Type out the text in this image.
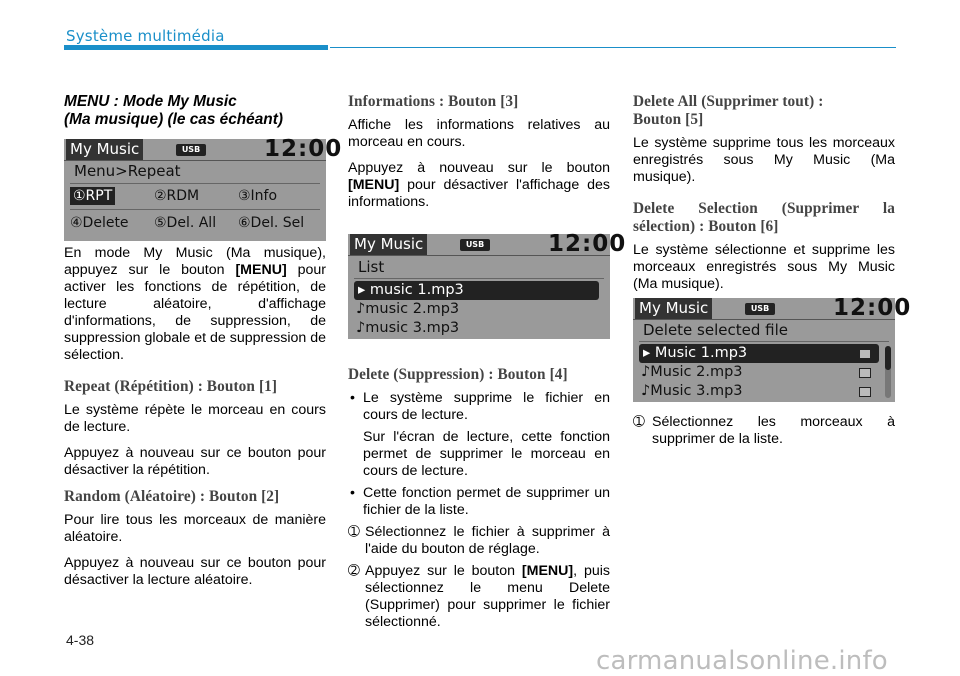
Système multimédia
MENU : Mode My Music
(Ma musique) (le cas échéant)

En mode My Music (Ma musique), appuyez sur le bouton [MENU] pour activer les fonctions de répétition, de lecture aléatoire, d'affichage d'informations, de suppression, de suppression globale et de suppression de sélection.

Repeat (Répétition) : Bouton [1]

Le système répète le morceau en cours de lecture.

Appuyez à nouveau sur ce bouton pour désactiver la répétition.

Random (Aléatoire) : Bouton [2]

Pour lire tous les morceaux de manière aléatoire.

Appuyez à nouveau sur ce bouton pour désactiver la lecture aléatoire.

My Music	USB	12:00
Menu>Repeat
①RPT	②RDM	③Info
④Delete ⑤Del. All ⑥Del. Sel
Informations : Bouton [3]

Affiche les informations relatives au morceau en cours.

Appuyez à nouveau sur le bouton [MENU] pour désactiver l'affichage des informations.

Delete (Suppression) : Bouton [4]
• Le système supprime le fichier en cours de lecture.
Sur l'écran de lecture, cette fonction permet de supprimer le morceau en cours de lecture.
• Cette fonction permet de supprimer un fichier de la liste.
➀ Sélectionnez le fichier à supprimer à l'aide du bouton de réglage.
➁ Appuyez sur le bouton [MENU], puis sélectionnez le menu Delete (Supprimer) pour supprimer le fichier sélectionné.
My Music	USB	12:00
List
▸ music 1.mp3
♪music 2.mp3
♪music 3.mp3
Delete All (Supprimer tout) :
Bouton [5]

Le système supprime tous les morceaux enregistrés sous My Music (Ma musique).

Delete Selection (Supprimer la sélection) : Bouton [6]

Le système sélectionne et supprime les morceaux enregistrés sous My Music (Ma musique).

➀ Sélectionnez les morceaux à supprimer de la liste.
My Music	USB	12:00
Delete selected file
▸ Music 1.mp3
♪Music 2.mp3
♪Music 3.mp3
4-38
carmanualsonline.info
